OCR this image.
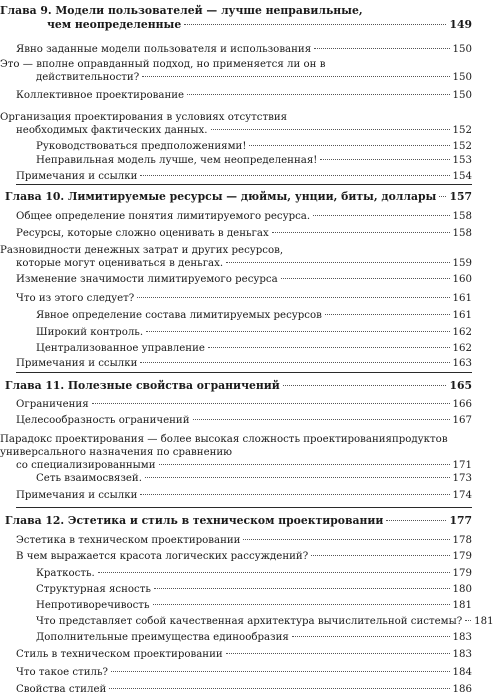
Глава 9. Модели пользователей — лучше неправильные,
чем неопределенные	149
Явно заданные модели пользователя и использования	150
Это — вполне оправданный подход, но применяется ли он в
действительности?	150
Коллективное проектирование	150
Организация проектирования в условиях отсутствия
необходимых фактических данных.	152
Руководствоваться предположениями!	152
Неправильная модель лучше, чем неопределенная!	153
Примечания и ссылки	154
Глава 10. Лимитируемые ресурсы — дюймы, унции, биты, доллары 157
Общее определение понятия лимитируемого ресурса.	158
Ресурсы, которые сложно оценивать в деньгах	158
Разновидности денежных затрат и других ресурсов,
которые могут оцениваться в деньгах.	159
Изменение значимости лимитируемого ресурса	160
Что из этого следует?	161
Явное определение состава лимитируемых ресурсов	161
Широкий контроль.	162
Централизованное управление	162
Примечания и ссылки	163
Глава 11. Полезные свойства ограничений	165
Ограничения	166
Целесообразность ограничений	167
Парадокс проектирования — более высокая сложность проектированияпродуктов универсального назначения по сравнению
со специализированными	171
Сеть взаимосвязей.	173
Примечания и ссылки	174
Глава 12. Эстетика и стиль в техническом проектировании	177
Эстетика в техническом проектировании	178
В чем выражается красота логических рассуждений?	179
Краткость.	179
Структурная ясность	180
Непротиворечивость	181
Что представляет собой качественная архитектура вычислительной системы? 181
Дополнительные преимущества единообразия	183
Стиль в техническом проектировании	183
Что такое стиль?	184
Свойства стилей	186
